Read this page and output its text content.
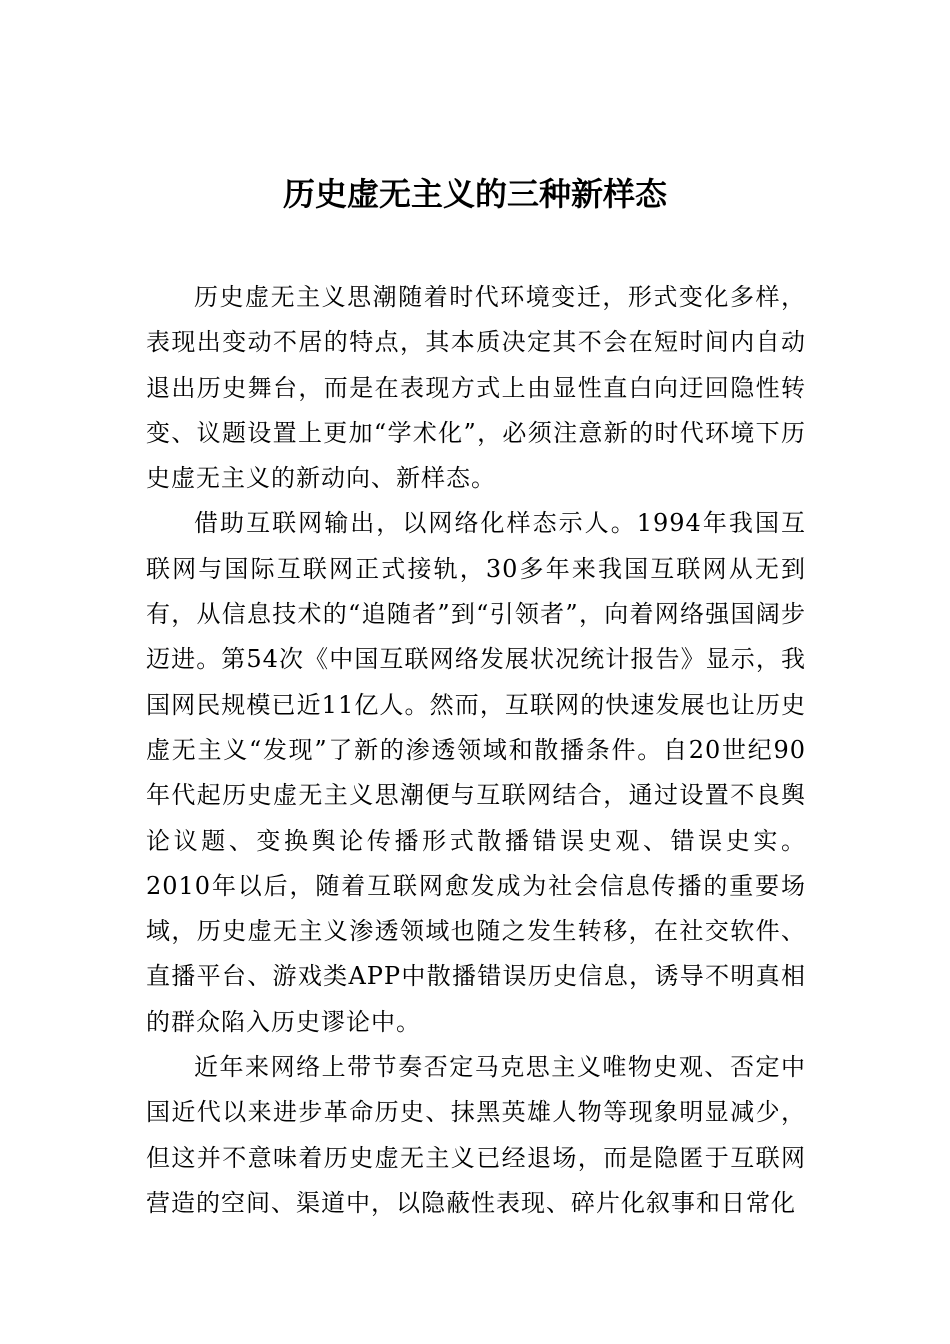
历史虚无主义的三种新样态

历史虚无主义思潮随着时代环境变迁，形式变化多样，表现出变动不居的特点，其本质决定其不会在短时间内自动退出历史舞台，而是在表现方式上由显性直白向迂回隐性转变、议题设置上更加“学术化”，必须注意新的时代环境下历史虚无主义的新动向、新样态。

借助互联网输出，以网络化样态示人。1994年我国互联网与国际互联网正式接轨，30多年来我国互联网从无到有，从信息技术的“追随者”到“引领者”，向着网络强国阔步迈进。第54次《中国互联网络发展状况统计报告》显示，我国网民规模已近11亿人。然而，互联网的快速发展也让历史虚无主义“发现”了新的渗透领域和散播条件。自20世纪90年代起历史虚无主义思潮便与互联网结合，通过设置不良舆论议题、变换舆论传播形式散播错误史观、错误史实。2010年以后，随着互联网愈发成为社会信息传播的重要场域，历史虚无主义渗透领域也随之发生转移，在社交软件、直播平台、游戏类APP中散播错误历史信息，诱导不明真相的群众陷入历史谬论中。

近年来网络上带节奏否定马克思主义唯物史观、否定中国近代以来进步革命历史、抹黑英雄人物等现象明显减少，但这并不意味着历史虚无主义已经退场，而是隐匿于互联网营造的空间、渠道中，以隐蔽性表现、碎片化叙事和日常化
